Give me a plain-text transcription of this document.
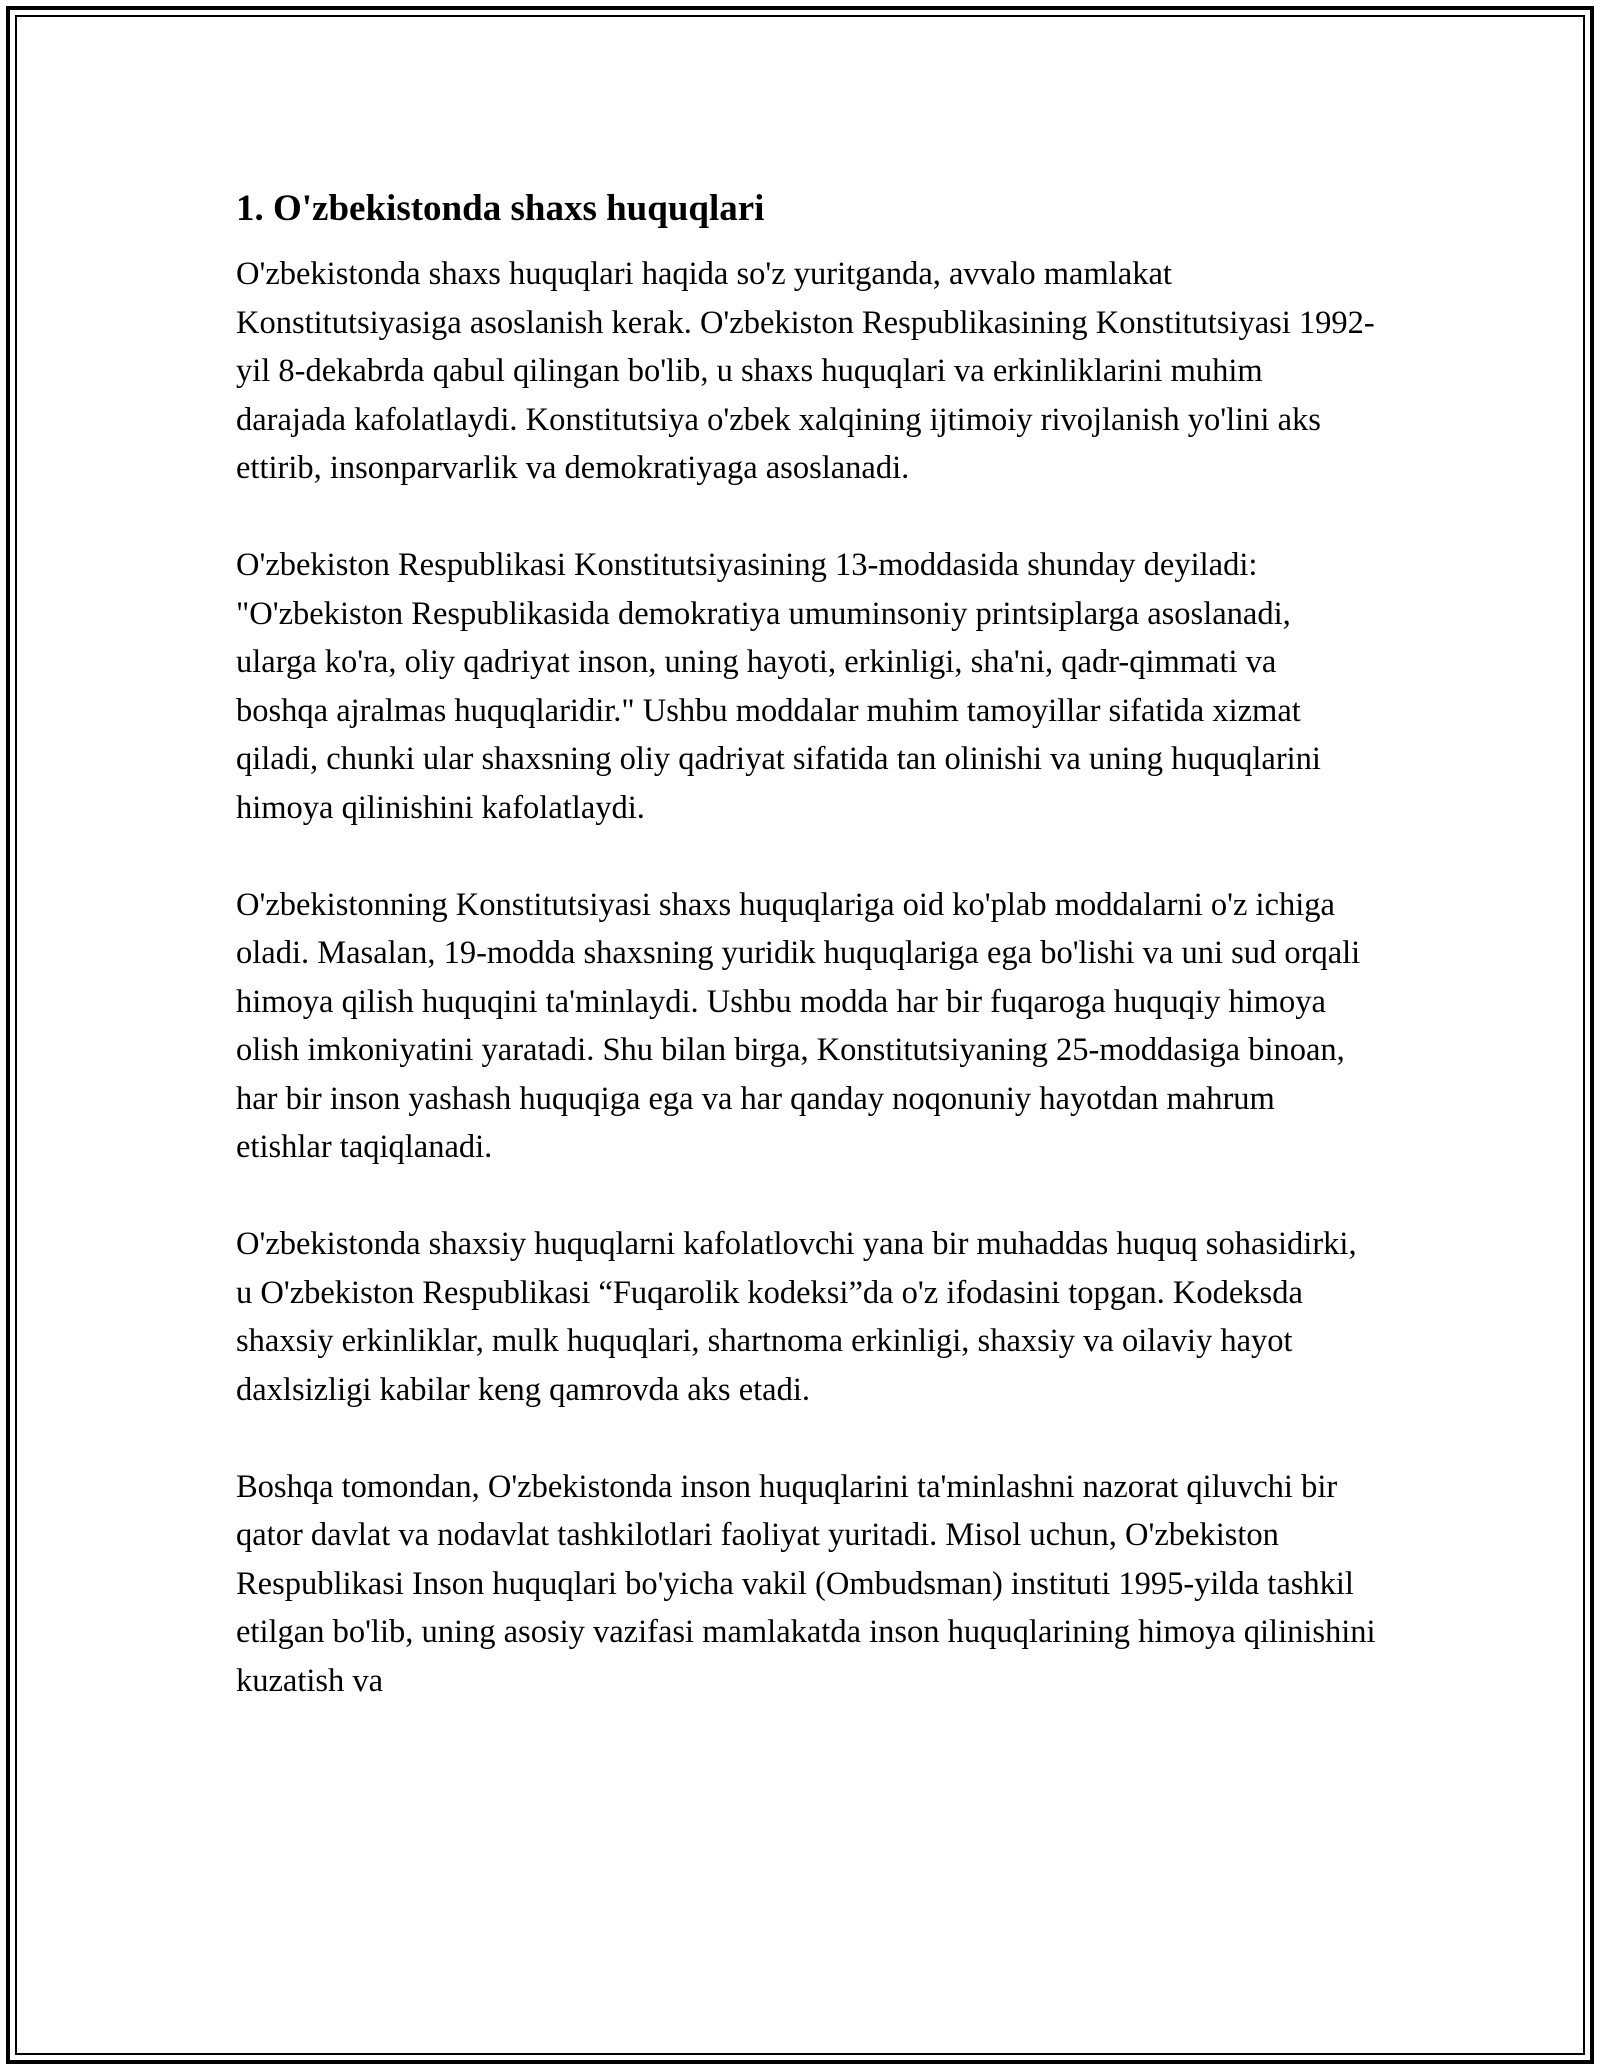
1. O'zbekistonda shaxs huquqlari

O'zbekistonda shaxs huquqlari haqida so'z yuritganda, avvalo mamlakat Konstitutsiyasiga asoslanish kerak. O'zbekiston Respublikasining Konstitutsiyasi 1992-yil 8-dekabrda qabul qilingan bo'lib, u shaxs huquqlari va erkinliklarini muhim darajada kafolatlaydi. Konstitutsiya o'zbek xalqining ijtimoiy rivojlanish yo'lini aks ettirib, insonparvarlik va demokratiyaga asoslanadi.

O'zbekiston Respublikasi Konstitutsiyasining 13-moddasida shunday deyiladi: "O'zbekiston Respublikasida demokratiya umuminsoniy printsiplarga asoslanadi, ularga ko'ra, oliy qadriyat inson, uning hayoti, erkinligi, sha'ni, qadr-qimmati va boshqa ajralmas huquqlaridir." Ushbu moddalar muhim tamoyillar sifatida xizmat qiladi, chunki ular shaxsning oliy qadriyat sifatida tan olinishi va uning huquqlarini himoya qilinishini kafolatlaydi.

O'zbekistonning Konstitutsiyasi shaxs huquqlariga oid ko'plab moddalarni o'z ichiga oladi. Masalan, 19-modda shaxsning yuridik huquqlariga ega bo'lishi va uni sud orqali himoya qilish huquqini ta'minlaydi. Ushbu modda har bir fuqaroga huquqiy himoya olish imkoniyatini yaratadi. Shu bilan birga, Konstitutsiyaning 25-moddasiga binoan, har bir inson yashash huquqiga ega va har qanday noqonuniy hayotdan mahrum etishlar taqiqlanadi.

O'zbekistonda shaxsiy huquqlarni kafolatlovchi yana bir muhaddas huquq sohasidirki, u O'zbekiston Respublikasi “Fuqarolik kodeksi”da o'z ifodasini topgan. Kodeksda shaxsiy erkinliklar, mulk huquqlari, shartnoma erkinligi, shaxsiy va oilaviy hayot daxlsizligi kabilar keng qamrovda aks etadi.

Boshqa tomondan, O'zbekistonda inson huquqlarini ta'minlashni nazorat qiluvchi bir qator davlat va nodavlat tashkilotlari faoliyat yuritadi. Misol uchun, O'zbekiston Respublikasi Inson huquqlari bo'yicha vakil (Ombudsman) instituti 1995-yilda tashkil etilgan bo'lib, uning asosiy vazifasi mamlakatda inson huquqlarining himoya qilinishini kuzatish va
